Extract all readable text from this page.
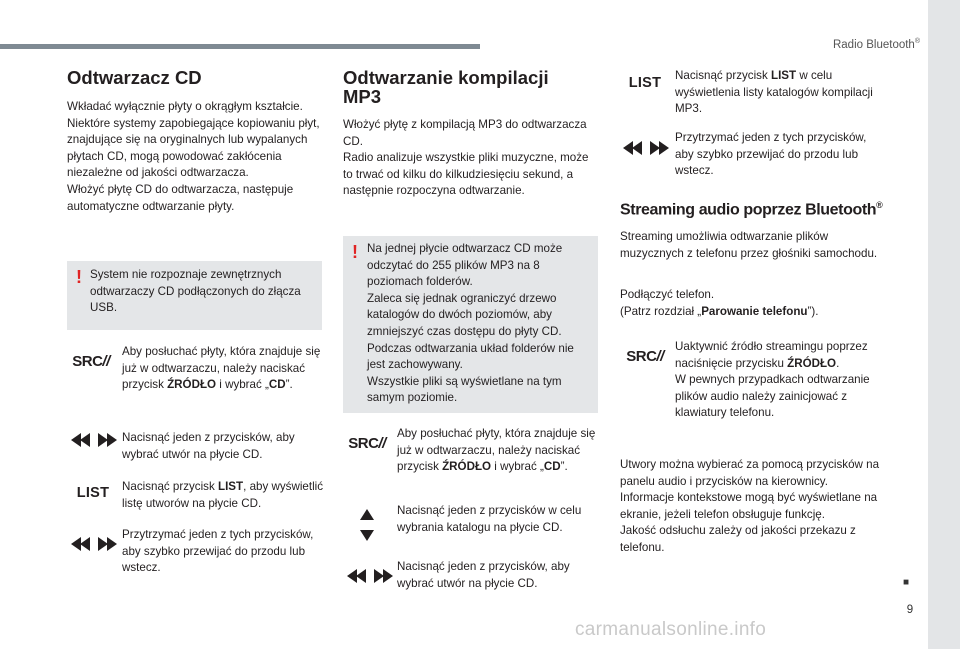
Radio Bluetooth®
■
9
Odtwarzacz CD
Wkładać wyłącznie płyty o okrągłym kształcie.
Niektóre systemy zapobiegające kopiowaniu płyt, znajdujące się na oryginalnych lub wypalanych płytach CD, mogą powodować zakłócenia niezależne od jakości odtwarzacza.
Włożyć płytę CD do odtwarzacza, następuje automatyczne odtwarzanie płyty.
! System nie rozpoznaje zewnętrznych odtwarzaczy CD podłączonych do złącza USB.
SRC //
Aby posłuchać płyty, która znajduje się już w odtwarzaczu, należy naciskać przycisk ŹRÓDŁO i wybrać „CD”.
Nacisnąć jeden z przycisków, aby wybrać utwór na płycie CD.
LIST	Nacisnąć przycisk LIST, aby wyświetlić listę utworów na płycie CD.
Przytrzymać jeden z tych przycisków, aby szybko przewijać do przodu lub wstecz.
Odtwarzanie kompilacji MP3
Włożyć płytę z kompilacją MP3 do odtwarzacza CD.
Radio analizuje wszystkie pliki muzyczne, może to trwać od kilku do kilkudziesięciu sekund, a następnie rozpoczyna odtwarzanie.
! Na jednej płycie odtwarzacz CD może odczytać do 255 plików MP3 na 8 poziomach folderów.
Zaleca się jednak ograniczyć drzewo katalogów do dwóch poziomów, aby zmniejszyć czas dostępu do płyty CD.
Podczas odtwarzania układ folderów nie jest zachowywany.
Wszystkie pliki są wyświetlane na tym samym poziomie.
SRC //
Aby posłuchać płyty, która znajduje się już w odtwarzaczu, należy naciskać przycisk ŹRÓDŁO i wybrać „CD”.
Nacisnąć jeden z przycisków w celu wybrania katalogu na płycie CD.
Nacisnąć jeden z przycisków, aby wybrać utwór na płycie CD.
LIST	Nacisnąć przycisk LIST w celu wyświetlenia listy katalogów kompilacji MP3.
Przytrzymać jeden z tych przycisków, aby szybko przewijać do przodu lub wstecz.
Streaming audio poprzez Bluetooth®
Streaming umożliwia odtwarzanie plików muzycznych z telefonu przez głośniki samochodu.
Podłączyć telefon.
(Patrz rozdział „Parowanie telefonu”).
SRC //
Uaktywnić źródło streamingu poprzez naciśnięcie przycisku ŹRÓDŁO.
W pewnych przypadkach odtwarzanie plików audio należy zainicjować z klawiatury telefonu.
Utwory można wybierać za pomocą przycisków na panelu audio i przycisków na kierownicy.
Informacje kontekstowe mogą być wyświetlane na ekranie, jeżeli telefon obsługuje funkcję.
Jakość odsłuchu zależy od jakości przekazu z telefonu.
carmanualsonline.info
